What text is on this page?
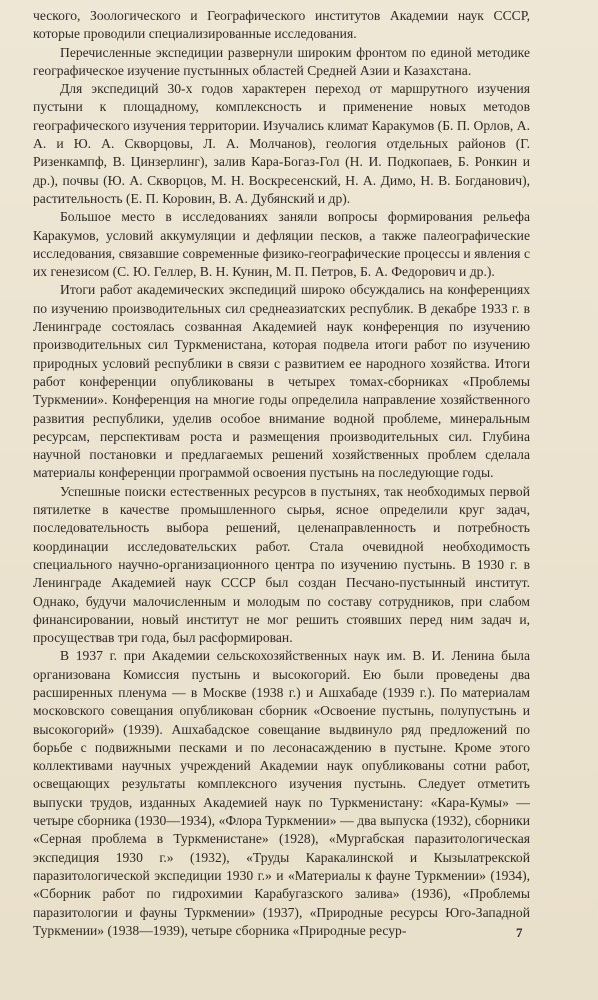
ческого, Зоологического и Географического институтов Академии наук СССР, которые проводили специализированные исследования.

Перечисленные экспедиции развернули широким фронтом по единой методике географическое изучение пустынных областей Средней Азии и Казахстана.

Для экспедиций 30-х годов характерен переход от маршрутного изучения пустыни к площадному, комплексность и применение новых методов географического изучения территории. Изучались климат Каракумов (Б. П. Орлов, А. А. и Ю. А. Скворцовы, Л. А. Молчанов), геология отдельных районов (Г. Ризенкампф, В. Цинзерлинг), залив Кара-Богаз-Гол (Н. И. Подкопаев, Б. Ронкин и др.), почвы (Ю. А. Скворцов, М. Н. Воскресенский, Н. А. Димо, Н. В. Богданович), растительность (Е. П. Коровин, В. А. Дубянский и др).

Большое место в исследованиях заняли вопросы формирования рельефа Каракумов, условий аккумуляции и дефляции песков, а также палеографические исследования, связавшие современные физико-географические процессы и явления с их генезисом (С. Ю. Геллер, В. Н. Кунин, М. П. Петров, Б. А. Федорович и др.).

Итоги работ академических экспедиций широко обсуждались на конференциях по изучению производительных сил среднеазиатских республик. В декабре 1933 г. в Ленинграде состоялась созванная Академией наук конференция по изучению производительных сил Туркменистана, которая подвела итоги работ по изучению природных условий республики в связи с развитием ее народного хозяйства. Итоги работ конференции опубликованы в четырех томах-сборниках «Проблемы Туркмении». Конференция на многие годы определила направление хозяйственного развития республики, уделив особое внимание водной проблеме, минеральным ресурсам, перспективам роста и размещения производительных сил. Глубина научной постановки и предлагаемых решений хозяйственных проблем сделала материалы конференции программой освоения пустынь на последующие годы.

Успешные поиски естественных ресурсов в пустынях, так необходимых первой пятилетке в качестве промышленного сырья, ясное определили круг задач, последовательность выбора решений, целенаправленность и потребность координации исследовательских работ. Стала очевидной необходимость специального научно-организационного центра по изучению пустынь. В 1930 г. в Ленинграде Академией наук СССР был создан Песчано-пустынный институт. Однако, будучи малочисленным и молодым по составу сотрудников, при слабом финансировании, новый институт не мог решить стоявших перед ним задач и, просуществав три года, был расформирован.

В 1937 г. при Академии сельскохозяйственных наук им. В. И. Ленина была организована Комиссия пустынь и высокогорий. Ею были проведены два расширенных пленума — в Москве (1938 г.) и Ашхабаде (1939 г.). По материалам московского совещания опубликован сборник «Освоение пустынь, полупустынь и высокогорий» (1939). Ашхабадское совещание выдвинуло ряд предложений по борьбе с подвижными песками и по лесонасаждению в пустыне. Кроме этого коллективами научных учреждений Академии наук опубликованы сотни работ, освещающих результаты комплексного изучения пустынь. Следует отметить выпуски трудов, изданных Академией наук по Туркменистану: «Кара-Кумы» — четыре сборника (1930—1934), «Флора Туркмении» — два выпуска (1932), сборники «Серная проблема в Туркменистане» (1928), «Мургабская паразитологическая экспедиция 1930 г.» (1932), «Труды Каракалинской и Кызылатрекской паразитологической экспедиции 1930 г.» и «Материалы к фауне Туркмении» (1934), «Сборник работ по гидрохимии Карабугазского залива» (1936), «Проблемы паразитологии и фауны Туркмении» (1937), «Природные ресурсы Юго-Западной Туркмении» (1938—1939), четыре сборника «Природные ресур-	7
